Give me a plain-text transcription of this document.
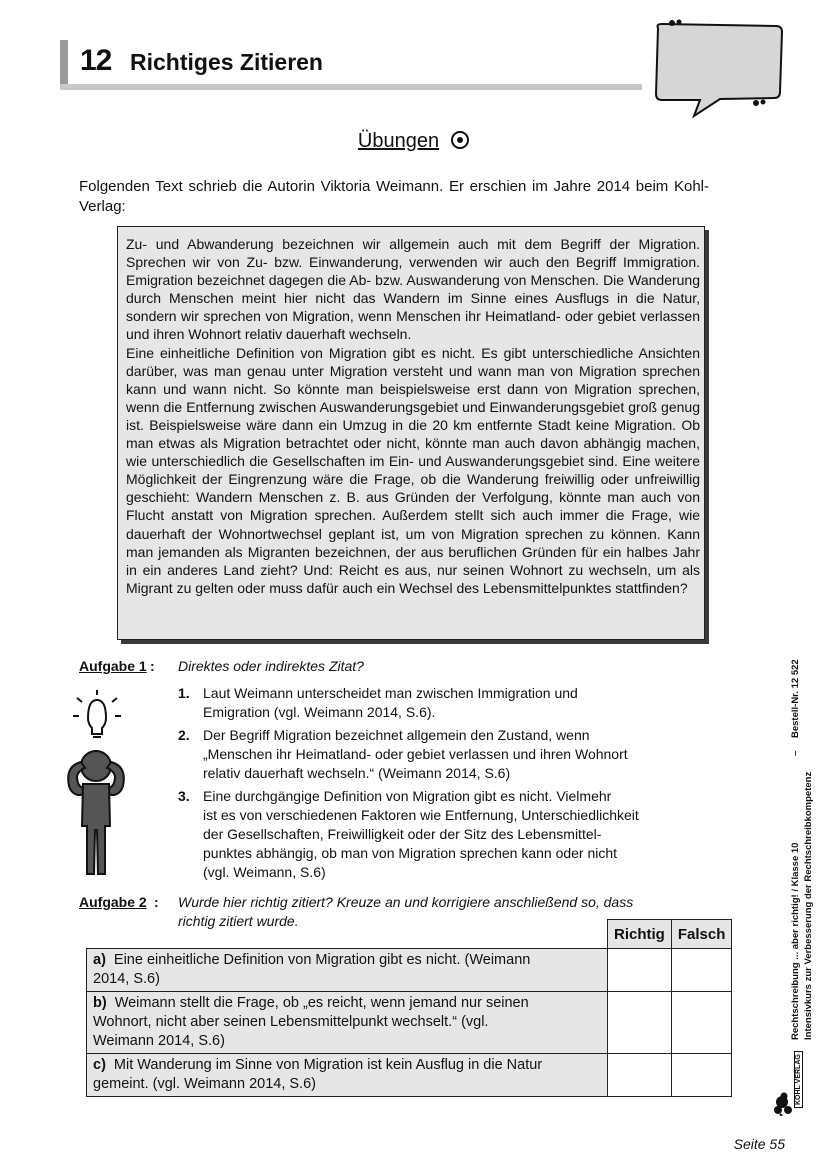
12 Richtiges Zitieren
Übungen
Folgenden Text schrieb die Autorin Viktoria Weimann. Er erschien im Jahre 2014 beim Kohl-Verlag:

Zu- und Abwanderung bezeichnen wir allgemein auch mit dem Begriff der Migration. Sprechen wir von Zu- bzw. Einwanderung, verwenden wir auch den Begriff Immigration. Emigration bezeichnet dagegen die Ab- bzw. Auswanderung von Menschen. Die Wanderung durch Menschen meint hier nicht das Wandern im Sinne eines Ausflugs in die Natur, sondern wir sprechen von Migration, wenn Menschen ihr Heimatland- oder gebiet verlassen und ihren Wohnort relativ dauerhaft wechseln.

Eine einheitliche Definition von Migration gibt es nicht. Es gibt unterschiedliche Ansichten darüber, was man genau unter Migration versteht und wann man von Migration sprechen kann und wann nicht. So könnte man beispielsweise erst dann von Migration sprechen, wenn die Entfernung zwischen Auswanderungsgebiet und Einwanderungsgebiet groß genug ist. Beispielsweise wäre dann ein Umzug in die 20 km entfernte Stadt keine Migration. Ob man etwas als Migration betrachtet oder nicht, könnte man auch davon abhängig machen, wie unterschiedlich die Gesellschaften im Ein- und Auswanderungsgebiet sind. Eine weitere Möglichkeit der Eingrenzung wäre die Frage, ob die Wanderung freiwillig oder unfreiwillig geschieht: Wandern Menschen z. B. aus Gründen der Verfolgung, könnte man auch von Flucht anstatt von Migration sprechen. Außerdem stellt sich auch immer die Frage, wie dauerhaft der Wohnortwechsel geplant ist, um von Migration sprechen zu können. Kann man jemanden als Migranten bezeichnen, der aus beruflichen Gründen für ein halbes Jahr in ein anderes Land zieht? Und: Reicht es aus, nur seinen Wohnort zu wechseln, um als Migrant zu gelten oder muss dafür auch ein Wechsel des Lebensmittelpunktes stattfinden?

Aufgabe 1 : Direktes oder indirektes Zitat?
1. Laut Weimann unterscheidet man zwischen Immigration und
Emigration (vgl. Weimann 2014, S.6).
2. Der Begriff Migration bezeichnet allgemein den Zustand, wenn
„Menschen ihr Heimatland- oder gebiet verlassen und ihren Wohnort
relativ dauerhaft wechseln.“ (Weimann 2014, S.6)
3. Eine durchgängige Definition von Migration gibt es nicht. Vielmehr
ist es von verschiedenen Faktoren wie Entfernung, Unterschiedlichkeit
der Gesellschaften, Freiwilligkeit oder der Sitz des Lebensmittel-
punktes abhängig, ob man von Migration sprechen kann oder nicht
(vgl. Weimann, S.6)
Aufgabe 2 : Wurde hier richtig zitiert? Kreuze an und korrigiere anschließend so, dass
richtig zitiert wurde.
	Richtig	Falsch
a) Eine einheitliche Definition von Migration gibt es nicht. (Weimann
2014, S.6)		
b) Weimann stellt die Frage, ob „es reicht, wenn jemand nur seinen
Wohnort, nicht aber seinen Lebensmittelpunkt wechselt.“ (vgl.
Weimann 2014, S.6)		
c) Mit Wanderung im Sinne von Migration ist kein Ausflug in die Natur
gemeint. (vgl. Weimann 2014, S.6)		
Rechtschreibung ... aber richtig! / Klasse 10 Intensivkurs zur Verbesserung der Rechtschreibkompetenz
Bestell-Nr. 12 522
–
KOHL VERLAG
Seite 55
